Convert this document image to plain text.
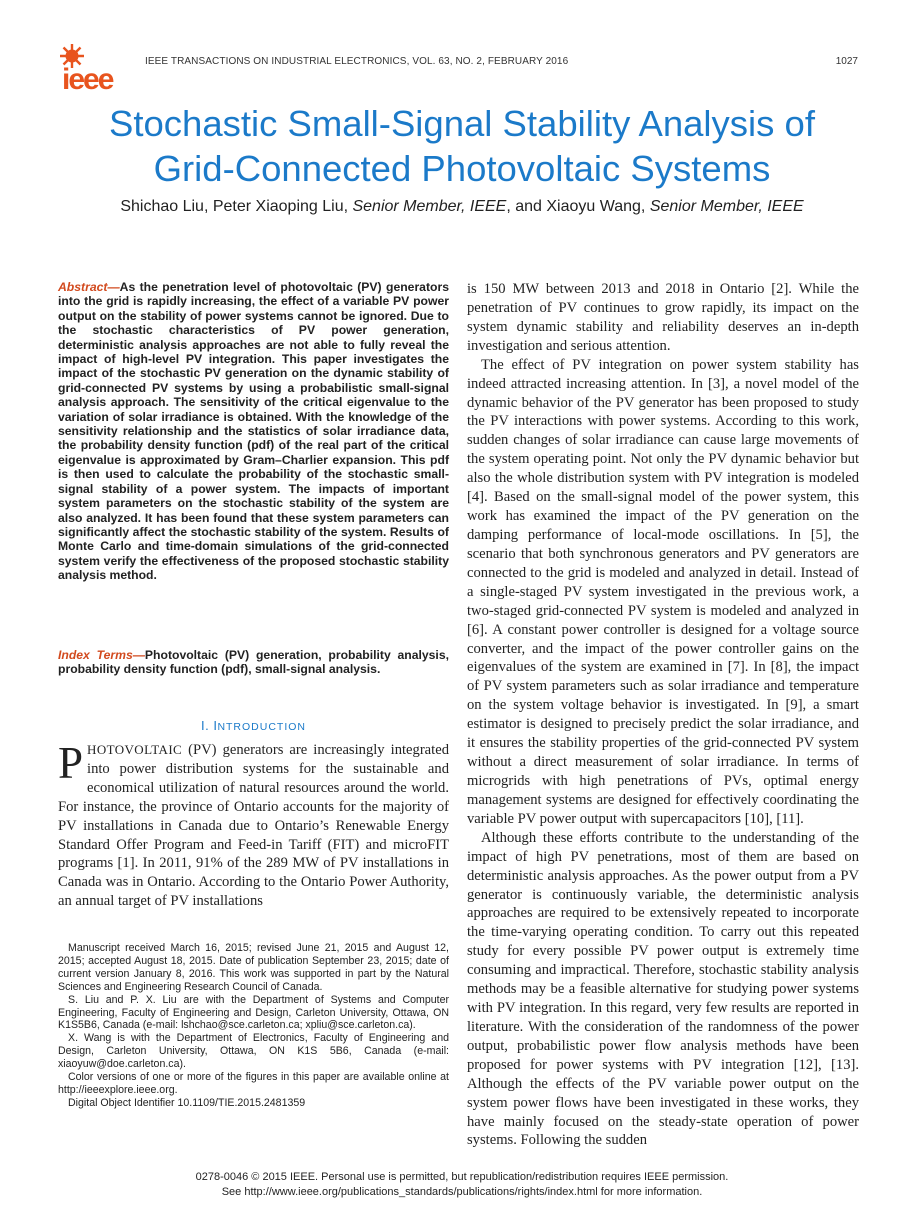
ieee
IEEE TRANSACTIONS ON INDUSTRIAL ELECTRONICS, VOL. 63, NO. 2, FEBRUARY 2016	1027
Stochastic Small-Signal Stability Analysis of
Grid-Connected Photovoltaic Systems
Shichao Liu, Peter Xiaoping Liu, Senior Member, IEEE, and Xiaoyu Wang, Senior Member, IEEE

Abstract—As the penetration level of photovoltaic (PV) generators into the grid is rapidly increasing, the effect of a variable PV power output on the stability of power systems cannot be ignored. Due to the stochastic characteristics of PV power generation, deterministic analysis approaches are not able to fully reveal the impact of high-level PV integration. This paper investigates the impact of the stochastic PV generation on the dynamic stability of grid-connected PV systems by using a probabilistic small-signal analysis approach. The sensitivity of the critical eigenvalue to the variation of solar irradiance is obtained. With the knowledge of the sensitivity relationship and the statistics of solar irradiance data, the probability density function (pdf) of the real part of the critical eigenvalue is approximated by Gram–Charlier expansion. This pdf is then used to calculate the probability of the stochastic small-signal stability of a power system. The impacts of important system parameters on the stochastic stability of the system are also analyzed. It has been found that these system parameters can significantly affect the stochastic stability of the system. Results of Monte Carlo and time-domain simulations of the grid-connected system verify the effectiveness of the proposed stochastic stability analysis method.

Index Terms—Photovoltaic (PV) generation, probability analysis, probability density function (pdf), small-signal analysis.

I. INTRODUCTION

PHOTOVOLTAIC (PV) generators are increasingly integrated into power distribution systems for the sustainable and economical utilization of natural resources around the world. For instance, the province of Ontario accounts for the majority of PV installations in Canada due to Ontario’s Renewable Energy Standard Offer Program and Feed-in Tariff (FIT) and microFIT programs [1]. In 2011, 91% of the 289 MW of PV installations in Canada was in Ontario. According to the Ontario Power Authority, an annual target of PV installations

Manuscript received March 16, 2015; revised June 21, 2015 and August 12, 2015; accepted August 18, 2015. Date of publication September 23, 2015; date of current version January 8, 2016. This work was supported in part by the Natural Sciences and Engineering Research Council of Canada.

S. Liu and P. X. Liu are with the Department of Systems and Computer Engineering, Faculty of Engineering and Design, Carleton University, Ottawa, ON K1S5B6, Canada (e-mail: lshchao@sce.carleton.ca; xpliu@sce.carleton.ca).

X. Wang is with the Department of Electronics, Faculty of Engineering and Design, Carleton University, Ottawa, ON K1S 5B6, Canada (e-mail: xiaoyuw@doe.carleton.ca).

Color versions of one or more of the figures in this paper are available online at http://ieeexplore.ieee.org.

Digital Object Identifier 10.1109/TIE.2015.2481359

is 150 MW between 2013 and 2018 in Ontario [2]. While the penetration of PV continues to grow rapidly, its impact on the system dynamic stability and reliability deserves an in-depth investigation and serious attention.

The effect of PV integration on power system stability has indeed attracted increasing attention. In [3], a novel model of the dynamic behavior of the PV generator has been proposed to study the PV interactions with power systems. According to this work, sudden changes of solar irradiance can cause large movements of the system operating point. Not only the PV dynamic behavior but also the whole distribution system with PV integration is modeled [4]. Based on the small-signal model of the power system, this work has examined the impact of the PV generation on the damping performance of local-mode oscillations. In [5], the scenario that both synchronous generators and PV generators are connected to the grid is modeled and analyzed in detail. Instead of a single-staged PV system investigated in the previous work, a two-staged grid-connected PV system is modeled and analyzed in [6]. A constant power controller is designed for a voltage source converter, and the impact of the power controller gains on the eigenvalues of the system are examined in [7]. In [8], the impact of PV system parameters such as solar irradiance and temperature on the system voltage behavior is investigated. In [9], a smart estimator is designed to precisely predict the solar irradiance, and it ensures the stability properties of the grid-connected PV system without a direct measurement of solar irradiance. In terms of microgrids with high penetrations of PVs, optimal energy management systems are designed for effectively coordinating the variable PV power output with supercapacitors [10], [11].

Although these efforts contribute to the understanding of the impact of high PV penetrations, most of them are based on deterministic analysis approaches. As the power output from a PV generator is continuously variable, the deterministic analysis approaches are required to be extensively repeated to incorporate the time-varying operating condition. To carry out this repeated study for every possible PV power output is extremely time consuming and impractical. Therefore, stochastic stability analysis methods may be a feasible alternative for studying power systems with PV integration. In this regard, very few results are reported in literature. With the consideration of the randomness of the power output, probabilistic power flow analysis methods have been proposed for power systems with PV integration [12], [13]. Although the effects of the PV variable power output on the system power flows have been investigated in these works, they have mainly focused on the steady-state operation of power systems. Following the sudden

0278-0046 © 2015 IEEE. Personal use is permitted, but republication/redistribution requires IEEE permission.
See http://www.ieee.org/publications_standards/publications/rights/index.html for more information.
